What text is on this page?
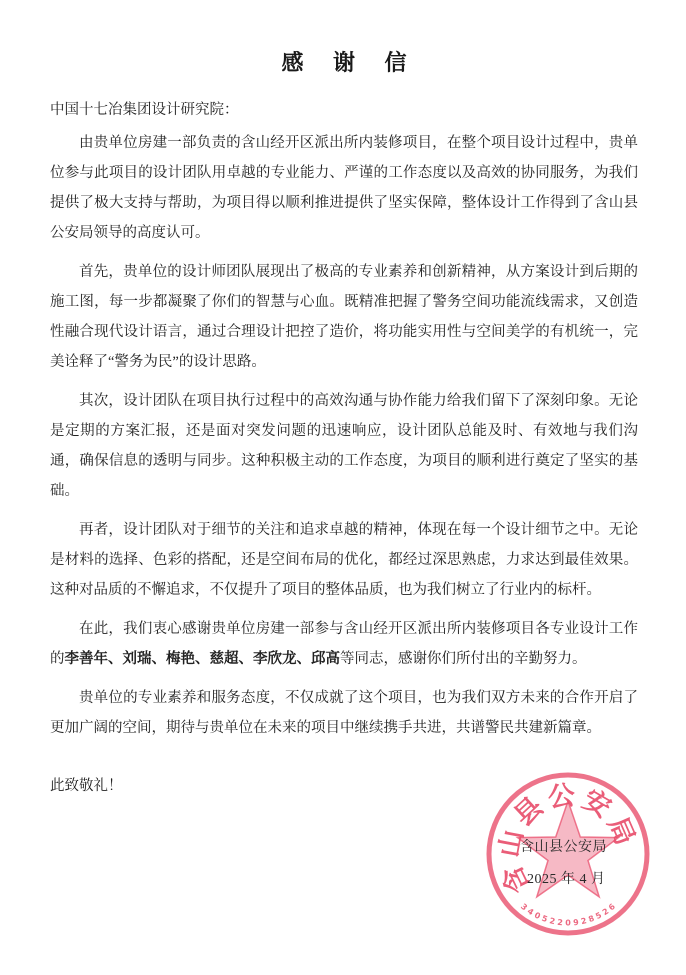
感 谢 信
中国十七冶集团设计研究院：

由贵单位房建一部负责的含山经开区派出所内装修项目，在整个项目设计过程中，贵单位参与此项目的设计团队用卓越的专业能力、严谨的工作态度以及高效的协同服务，为我们提供了极大支持与帮助，为项目得以顺利推进提供了坚实保障，整体设计工作得到了含山县公安局领导的高度认可。

首先，贵单位的设计师团队展现出了极高的专业素养和创新精神，从方案设计到后期的施工图，每一步都凝聚了你们的智慧与心血。既精准把握了警务空间功能流线需求，又创造性融合现代设计语言，通过合理设计把控了造价，将功能实用性与空间美学的有机统一，完美诠释了“警务为民”的设计思路。

其次，设计团队在项目执行过程中的高效沟通与协作能力给我们留下了深刻印象。无论是定期的方案汇报，还是面对突发问题的迅速响应，设计团队总能及时、有效地与我们沟通，确保信息的透明与同步。这种积极主动的工作态度，为项目的顺利进行奠定了坚实的基础。

再者，设计团队对于细节的关注和追求卓越的精神，体现在每一个设计细节之中。无论是材料的选择、色彩的搭配，还是空间布局的优化，都经过深思熟虑，力求达到最佳效果。这种对品质的不懈追求，不仅提升了项目的整体品质，也为我们树立了行业内的标杆。

在此，我们衷心感谢贵单位房建一部参与含山经开区派出所内装修项目各专业设计工作的李善年、刘瑞、梅艳、慈超、李欣龙、邱高等同志，感谢你们所付出的辛勤努力。

贵单位的专业素养和服务态度，不仅成就了这个项目，也为我们双方未来的合作开启了更加广阔的空间，期待与贵单位在未来的项目中继续携手共进，共谱警民共建新篇章。

此致敬礼！
含
山
县
公 安
局
3
4
0
5 2 2 0 9 2 8
5
2
6
含山县公安局
2025 年 4 月
